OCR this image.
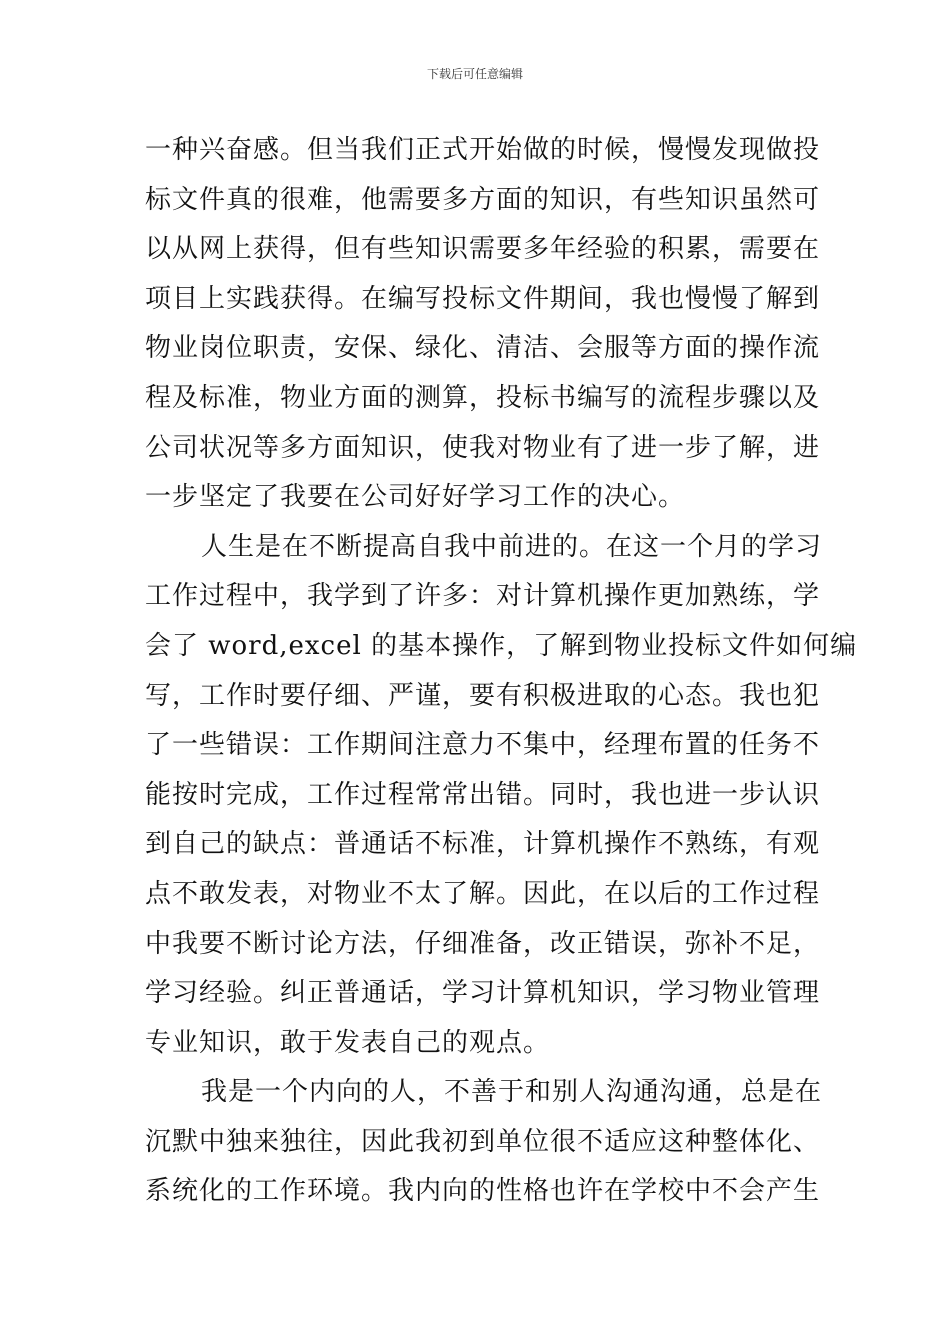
下载后可任意编辑
一种兴奋感。但当我们正式开始做的时候，慢慢发现做投
标文件真的很难，他需要多方面的知识，有些知识虽然可
以从网上获得，但有些知识需要多年经验的积累，需要在
项目上实践获得。在编写投标文件期间，我也慢慢了解到
物业岗位职责，安保、绿化、清洁、会服等方面的操作流
程及标准，物业方面的测算，投标书编写的流程步骤以及
公司状况等多方面知识，使我对物业有了进一步了解，进
一步坚定了我要在公司好好学习工作的决心。
人生是在不断提高自我中前进的。在这一个月的学习
工作过程中，我学到了许多：对计算机操作更加熟练，学
会了 word,excel 的基本操作，了解到物业投标文件如何编
写，工作时要仔细、严谨，要有积极进取的心态。我也犯
了一些错误：工作期间注意力不集中，经理布置的任务不
能按时完成，工作过程常常出错。同时，我也进一步认识
到自己的缺点：普通话不标准，计算机操作不熟练，有观
点不敢发表，对物业不太了解。因此，在以后的工作过程
中我要不断讨论方法，仔细准备，改正错误，弥补不足，
学习经验。纠正普通话，学习计算机知识，学习物业管理
专业知识，敢于发表自己的观点。
我是一个内向的人，不善于和别人沟通沟通，总是在
沉默中独来独往，因此我初到单位很不适应这种整体化、
系统化的工作环境。我内向的性格也许在学校中不会产生
